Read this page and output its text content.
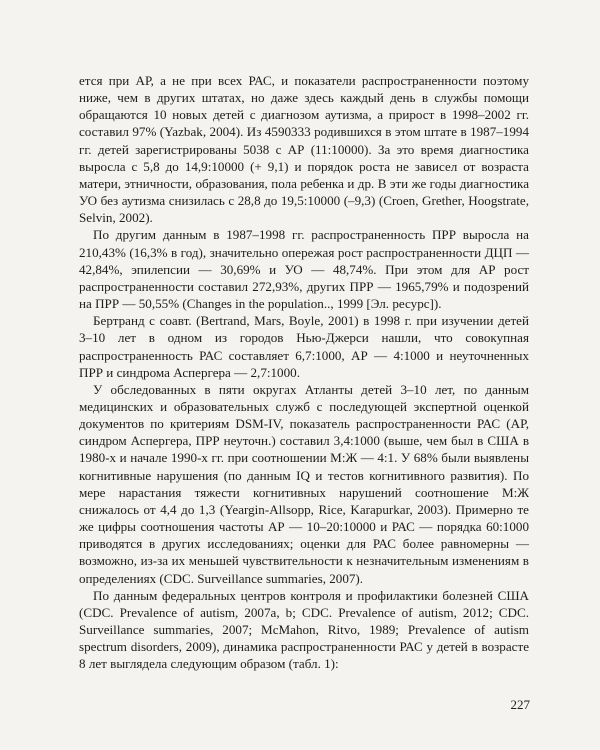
ется при АР, а не при всех РАС, и показатели распространенности поэтому ниже, чем в других штатах, но даже здесь каждый день в службы помощи обращаются 10 новых детей с диагнозом аутизма, а прирост в 1998–2002 гг. составил 97% (Yazbak, 2004). Из 4590333 родившихся в этом штате в 1987–1994 гг. детей зарегистрированы 5038 с АР (11:10000). За это время диагностика выросла с 5,8 до 14,9:10000 (+ 9,1) и порядок роста не зависел от возраста матери, этничности, образования, пола ребенка и др. В эти же годы диагностика УО без аутизма снизилась с 28,8 до 19,5:10000 (–9,3) (Croen, Grether, Hoogstrate, Selvin, 2002).

По другим данным в 1987–1998 гг. распространенность ПРР выросла на 210,43% (16,3% в год), значительно опережая рост распространенности ДЦП — 42,84%, эпилепсии — 30,69% и УО — 48,74%. При этом для АР рост распространенности составил 272,93%, других ПРР — 1965,79% и подозрений на ПРР — 50,55% (Changes in the population.., 1999 [Эл. ресурс]).

Бертранд с соавт. (Bertrand, Mars, Boyle, 2001) в 1998 г. при изучении детей 3–10 лет в одном из городов Нью-Джерси нашли, что совокупная распространенность РАС составляет 6,7:1000, АР — 4:1000 и неуточненных ПРР и синдрома Аспергера — 2,7:1000.

У обследованных в пяти округах Атланты детей 3–10 лет, по данным медицинских и образовательных служб с последующей экспертной оценкой документов по критериям DSM-IV, показатель распространенности РАС (АР, синдром Аспергера, ПРР неуточн.) составил 3,4:1000 (выше, чем был в США в 1980-х и начале 1990-х гг. при соотношении М:Ж — 4:1. У 68% были выявлены когнитивные нарушения (по данным IQ и тестов когнитивного развития). По мере нарастания тяжести когнитивных нарушений соотношение М:Ж снижалось от 4,4 до 1,3 (Yeargin-Allsopp, Rice, Karapurkar, 2003). Примерно те же цифры соотношения частоты АР — 10–20:10000 и РАС — порядка 60:1000 приводятся в других исследованиях; оценки для РАС более равномерны — возможно, из-за их меньшей чувствительности к незначительным изменениям в определениях (CDC. Surveillance summaries, 2007).

По данным федеральных центров контроля и профилактики болезней США (CDC. Prevalence of autism, 2007a, b; CDC. Prevalence of autism, 2012; CDC. Surveillance summaries, 2007; McMahon, Ritvo, 1989; Prevalence of autism spectrum disorders, 2009), динамика распространенности РАС у детей в возрасте 8 лет выглядела следующим образом (табл. 1):

227
